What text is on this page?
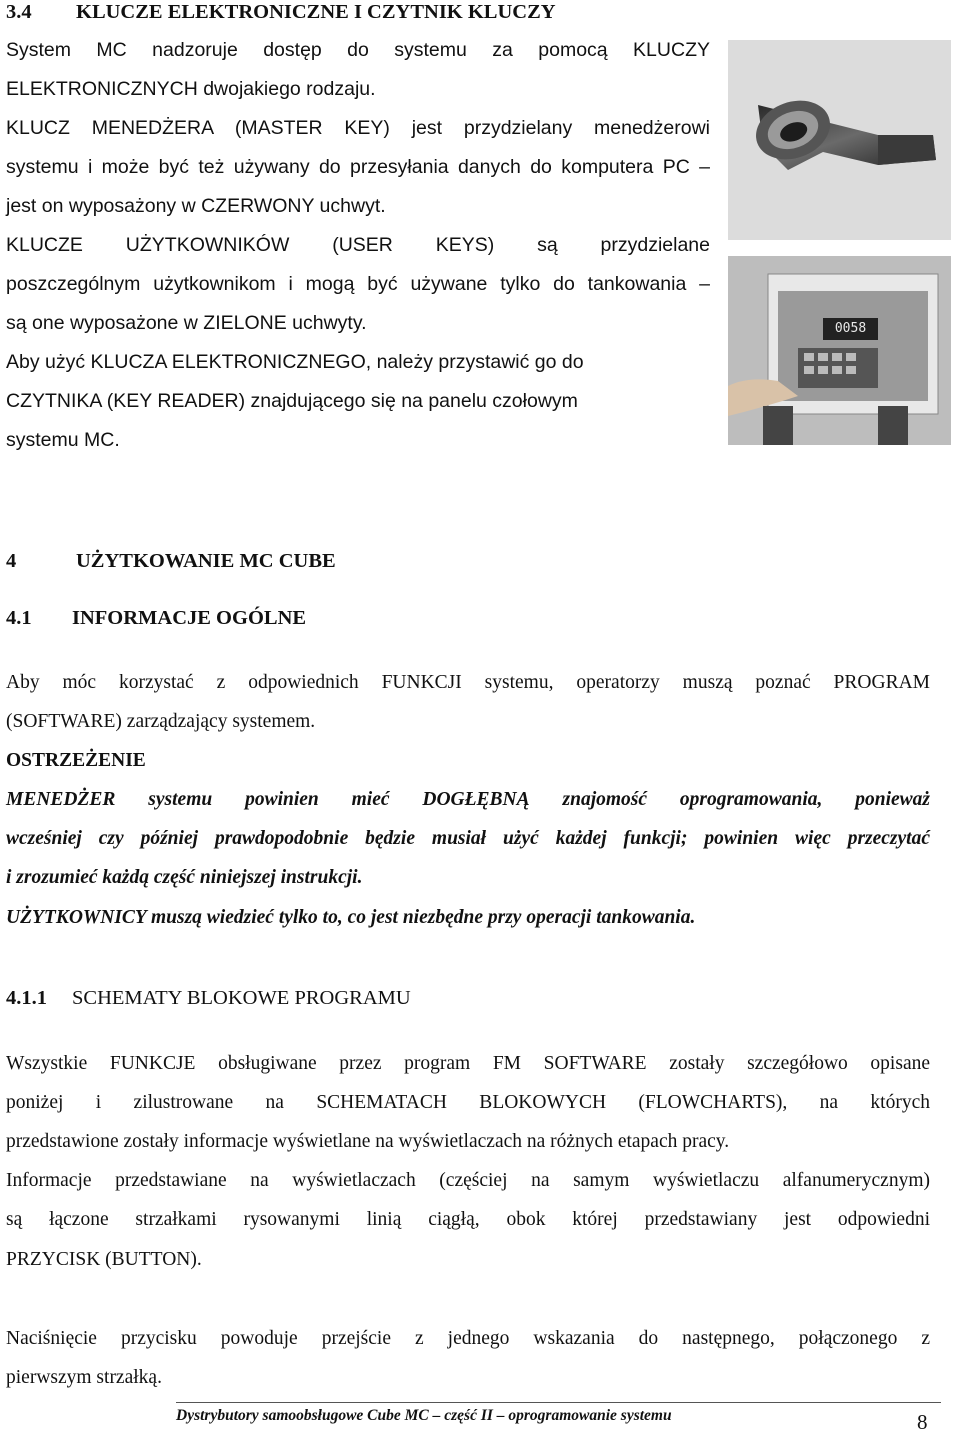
3.4 KLUCZE ELEKTRONICZNE I CZYTNIK KLUCZY
System MC nadzoruje dostęp do systemu za pomocą KLUCZY
ELEKTRONICZNYCH dwojakiego rodzaju.
KLUCZ MENEDŻERA (MASTER KEY) jest przydzielany menedżerowi
systemu i może być też używany do przesyłania danych do komputera PC –
jest on wyposażony w CZERWONY uchwyt.
KLUCZE UŻYTKOWNIKÓW (USER KEYS) są przydzielane
poszczególnym użytkownikom i mogą być używane tylko do tankowania –
są one wyposażone w ZIELONE uchwyty.
Aby użyć KLUCZA ELEKTRONICZNEGO, należy przystawić go do
CZYTNIKA (KEY READER) znajdującego się na panelu czołowym
systemu MC.
0058
4	UŻYTKOWANIE MC CUBE
4.1 INFORMACJE OGÓLNE
Aby móc korzystać z odpowiednich FUNKCJI systemu, operatorzy muszą poznać PROGRAM
(SOFTWARE) zarządzający systemem.
OSTRZEŻENIE
MENEDŻER systemu powinien mieć DOGŁĘBNĄ znajomość oprogramowania, ponieważ
wcześniej czy później prawdopodobnie będzie musiał użyć każdej funkcji; powinien więc przeczytać
i zrozumieć każdą część niniejszej instrukcji.
UŻYTKOWNICY muszą wiedzieć tylko to, co jest niezbędne przy operacji tankowania.
4.1.1 SCHEMATY BLOKOWE PROGRAMU
Wszystkie FUNKCJE obsługiwane przez program FM SOFTWARE zostały szczegółowo opisane
poniżej i zilustrowane na SCHEMATACH BLOKOWYCH (FLOWCHARTS), na których
przedstawione zostały informacje wyświetlane na wyświetlaczach na różnych etapach pracy.
Informacje przedstawiane na wyświetlaczach (częściej na samym wyświetlaczu alfanumerycznym)
są łączone strzałkami rysowanymi linią ciągłą, obok której przedstawiany jest odpowiedni
PRZYCISK (BUTTON).
Naciśnięcie przycisku powoduje przejście z jednego wskazania do następnego, połączonego z
pierwszym strzałką.
Dystrybutory samoobsługowe Cube MC – część II – oprogramowanie systemu	8
